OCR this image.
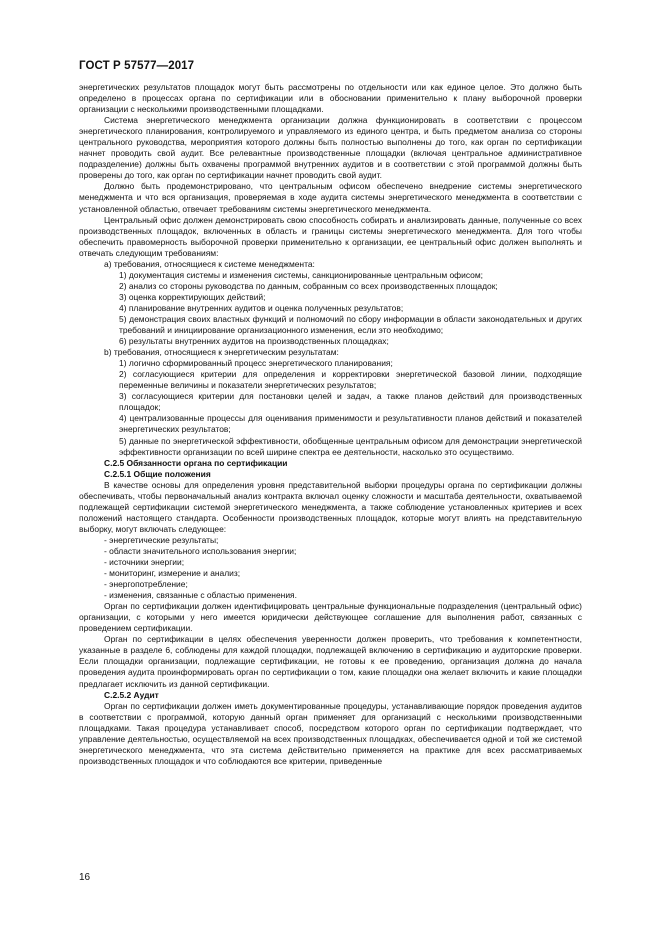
ГОСТ Р 57577—2017

энергетических результатов площадок могут быть рассмотрены по отдельности или как единое целое. Это должно быть определено в процессах органа по сертификации или в обосновании применительно к плану выборочной проверки организации с несколькими производственными площадками.

Система энергетического менеджмента организации должна функционировать в соответствии с процессом энергетического планирования, контролируемого и управляемого из единого центра, и быть предметом анализа со стороны центрального руководства, мероприятия которого должны быть полностью выполнены до того, как орган по сертификации начнет проводить свой аудит. Все релевантные производственные площадки (включая центральное административное подразделение) должны быть охвачены программой внутренних аудитов и в соответствии с этой программой должны быть проверены до того, как орган по сертификации начнет проводить свой аудит.

Должно быть продемонстрировано, что центральным офисом обеспечено внедрение системы энергетического менеджмента и что вся организация, проверяемая в ходе аудита системы энергетического менеджмента в соответствии с установленной областью, отвечает требованиям системы энергетического менеджмента.

Центральный офис должен демонстрировать свою способность собирать и анализировать данные, полученные со всех производственных площадок, включенных в область и границы системы энергетического менеджмента. Для того чтобы обеспечить правомерность выборочной проверки применительно к организации, ее центральный офис должен выполнять и отвечать следующим требованиям:

а) требования, относящиеся к системе менеджмента:

1) документация системы и изменения системы, санкционированные центральным офисом;

2) анализ со стороны руководства по данным, собранным со всех производственных площадок;

3) оценка корректирующих действий;

4) планирование внутренних аудитов и оценка полученных результатов;

5) демонстрация своих властных функций и полномочий по сбору информации в области законодательных и других требований и инициирование организационного изменения, если это необходимо;

6) результаты внутренних аудитов на производственных площадках;

b) требования, относящиеся к энергетическим результатам:

1) логично сформированный процесс энергетического планирования;

2) согласующиеся критерии для определения и корректировки энергетической базовой линии, подходящие переменные величины и показатели энергетических результатов;

3) согласующиеся критерии для постановки целей и задач, а также планов действий для производственных площадок;

4) централизованные процессы для оценивания применимости и результативности планов действий и показателей энергетических результатов;

5) данные по энергетической эффективности, обобщенные центральным офисом для демонстрации энергетической эффективности организации по всей ширине спектра ее деятельности, насколько это осуществимо.

С.2.5 Обязанности органа по сертификации

С.2.5.1 Общие положения

В качестве основы для определения уровня представительной выборки процедуры органа по сертификации должны обеспечивать, чтобы первоначальный анализ контракта включал оценку сложности и масштаба деятельности, охватываемой подлежащей сертификации системой энергетического менеджмента, а также соблюдение установленных критериев и всех положений настоящего стандарта. Особенности производственных площадок, которые могут влиять на представительную выборку, могут включать следующее:

- энергетические результаты;

- области значительного использования энергии;

- источники энергии;

- мониторинг, измерение и анализ;

- энергопотребление;

- изменения, связанные с областью применения.

Орган по сертификации должен идентифицировать центральные функциональные подразделения (центральный офис) организации, с которыми у него имеется юридически действующее соглашение для выполнения работ, связанных с проведением сертификации.

Орган по сертификации в целях обеспечения уверенности должен проверить, что требования к компетентности, указанные в разделе 6, соблюдены для каждой площадки, подлежащей включению в сертификацию и аудиторские проверки. Если площадки организации, подлежащие сертификации, не готовы к ее проведению, организация должна до начала проведения аудита проинформировать орган по сертификации о том, какие площадки она желает включить и какие площадки предлагает исключить из данной сертификации.

С.2.5.2 Аудит

Орган по сертификации должен иметь документированные процедуры, устанавливающие порядок проведения аудитов в соответствии с программой, которую данный орган применяет для организаций с несколькими производственными площадками. Такая процедура устанавливает способ, посредством которого орган по сертификации подтверждает, что управление деятельностью, осуществляемой на всех производственных площадках, обеспечивается одной и той же системой энергетического менеджмента, что эта система действительно применяется на практике для всех рассматриваемых производственных площадок и что соблюдаются все критерии, приведенные

16
